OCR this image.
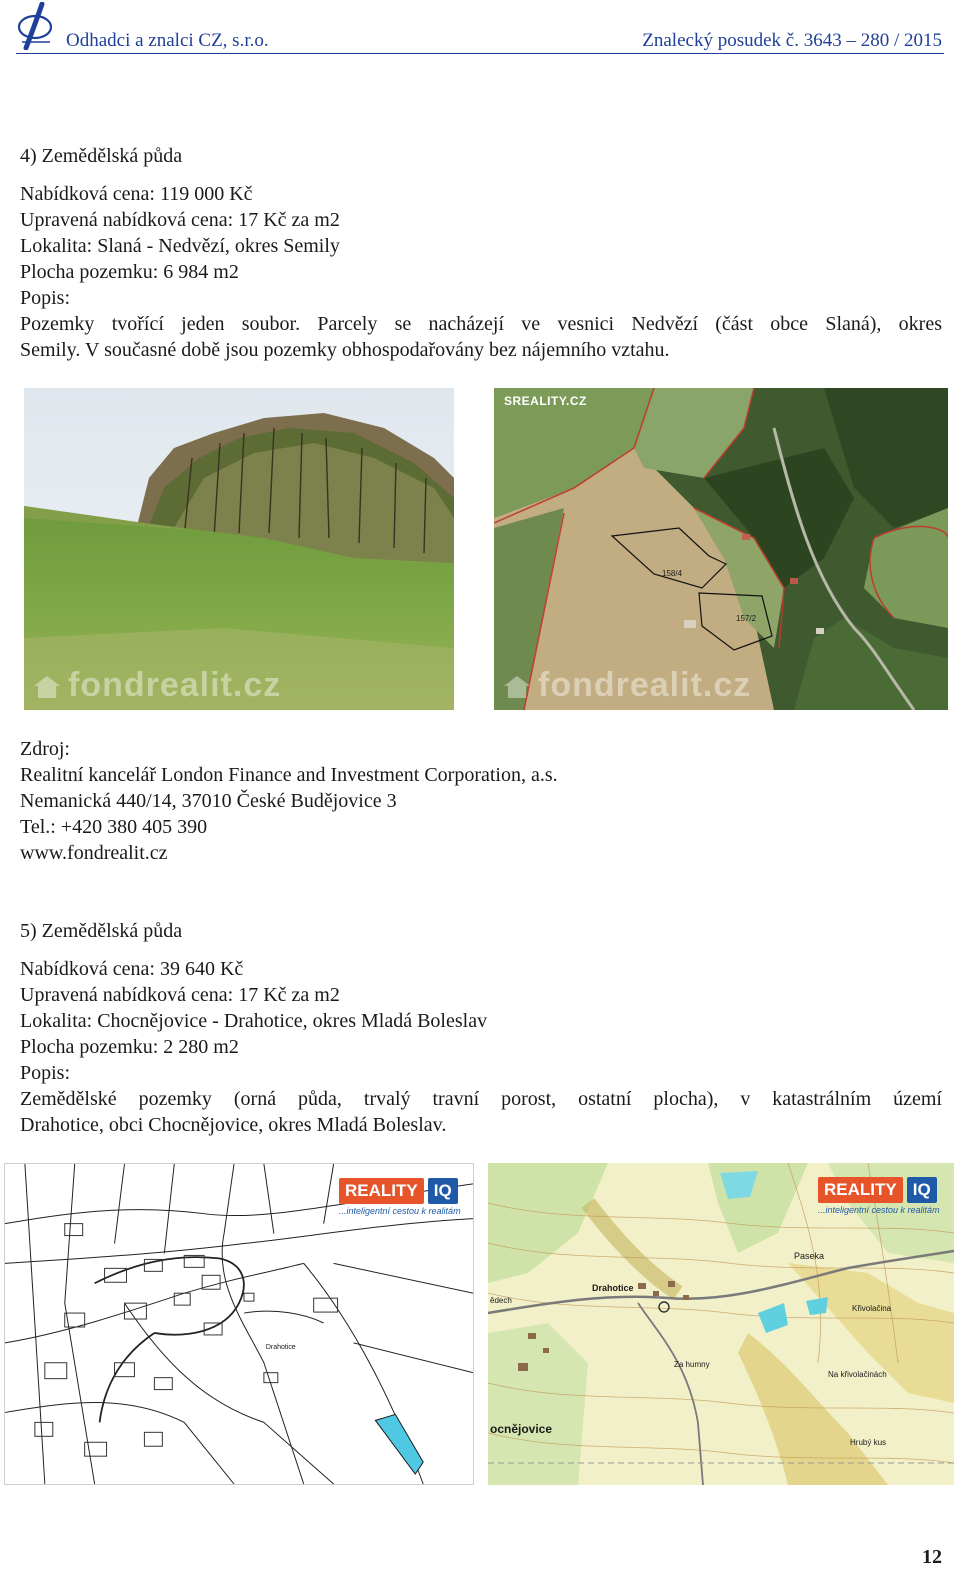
Odhadci a znalci CZ, s.r.o.	Znalecký posudek č. 3643 – 280 / 2015

4) Zemědělská půda

Nabídková cena: 119 000 Kč

Upravená nabídková cena: 17 Kč za m2

Lokalita: Slaná - Nedvězí, okres Semily

Plocha pozemku: 6 984 m2

Popis:

Pozemky tvořící jeden soubor. Parcely se nacházejí ve vesnici Nedvězí (část obce Slaná), okres

Semily. V současné době jsou pozemky obhospodařovány bez nájemního vztahu.

fondrealit.cz
158/4
157/2
SREALITY.CZ
fondrealit.cz

Zdroj:

Realitní kancelář London Finance and Investment Corporation, a.s.

Nemanická 440/14, 37010 České Budějovice 3

Tel.: +420 380 405 390

www.fondrealit.cz

5) Zemědělská půda

Nabídková cena: 39 640 Kč

Upravená nabídková cena: 17 Kč za m2

Lokalita: Chocnějovice - Drahotice, okres Mladá Boleslav

Plocha pozemku: 2 280 m2

Popis:

Zemědělské pozemky (orná půda, trvalý travní porost, ostatní plocha), v katastrálním území

Drahotice, obci Chocnějovice, okres Mladá Boleslav.

Drahotice
REALITY IQ
...inteligentní cestou k realitám
Drahotice
Paseka
Křivolačina
Za humny
Na křivolačinách
Hrubý kus
ocnějovice
ědech
REALITY IQ
...inteligentní cestou k realitám
12
